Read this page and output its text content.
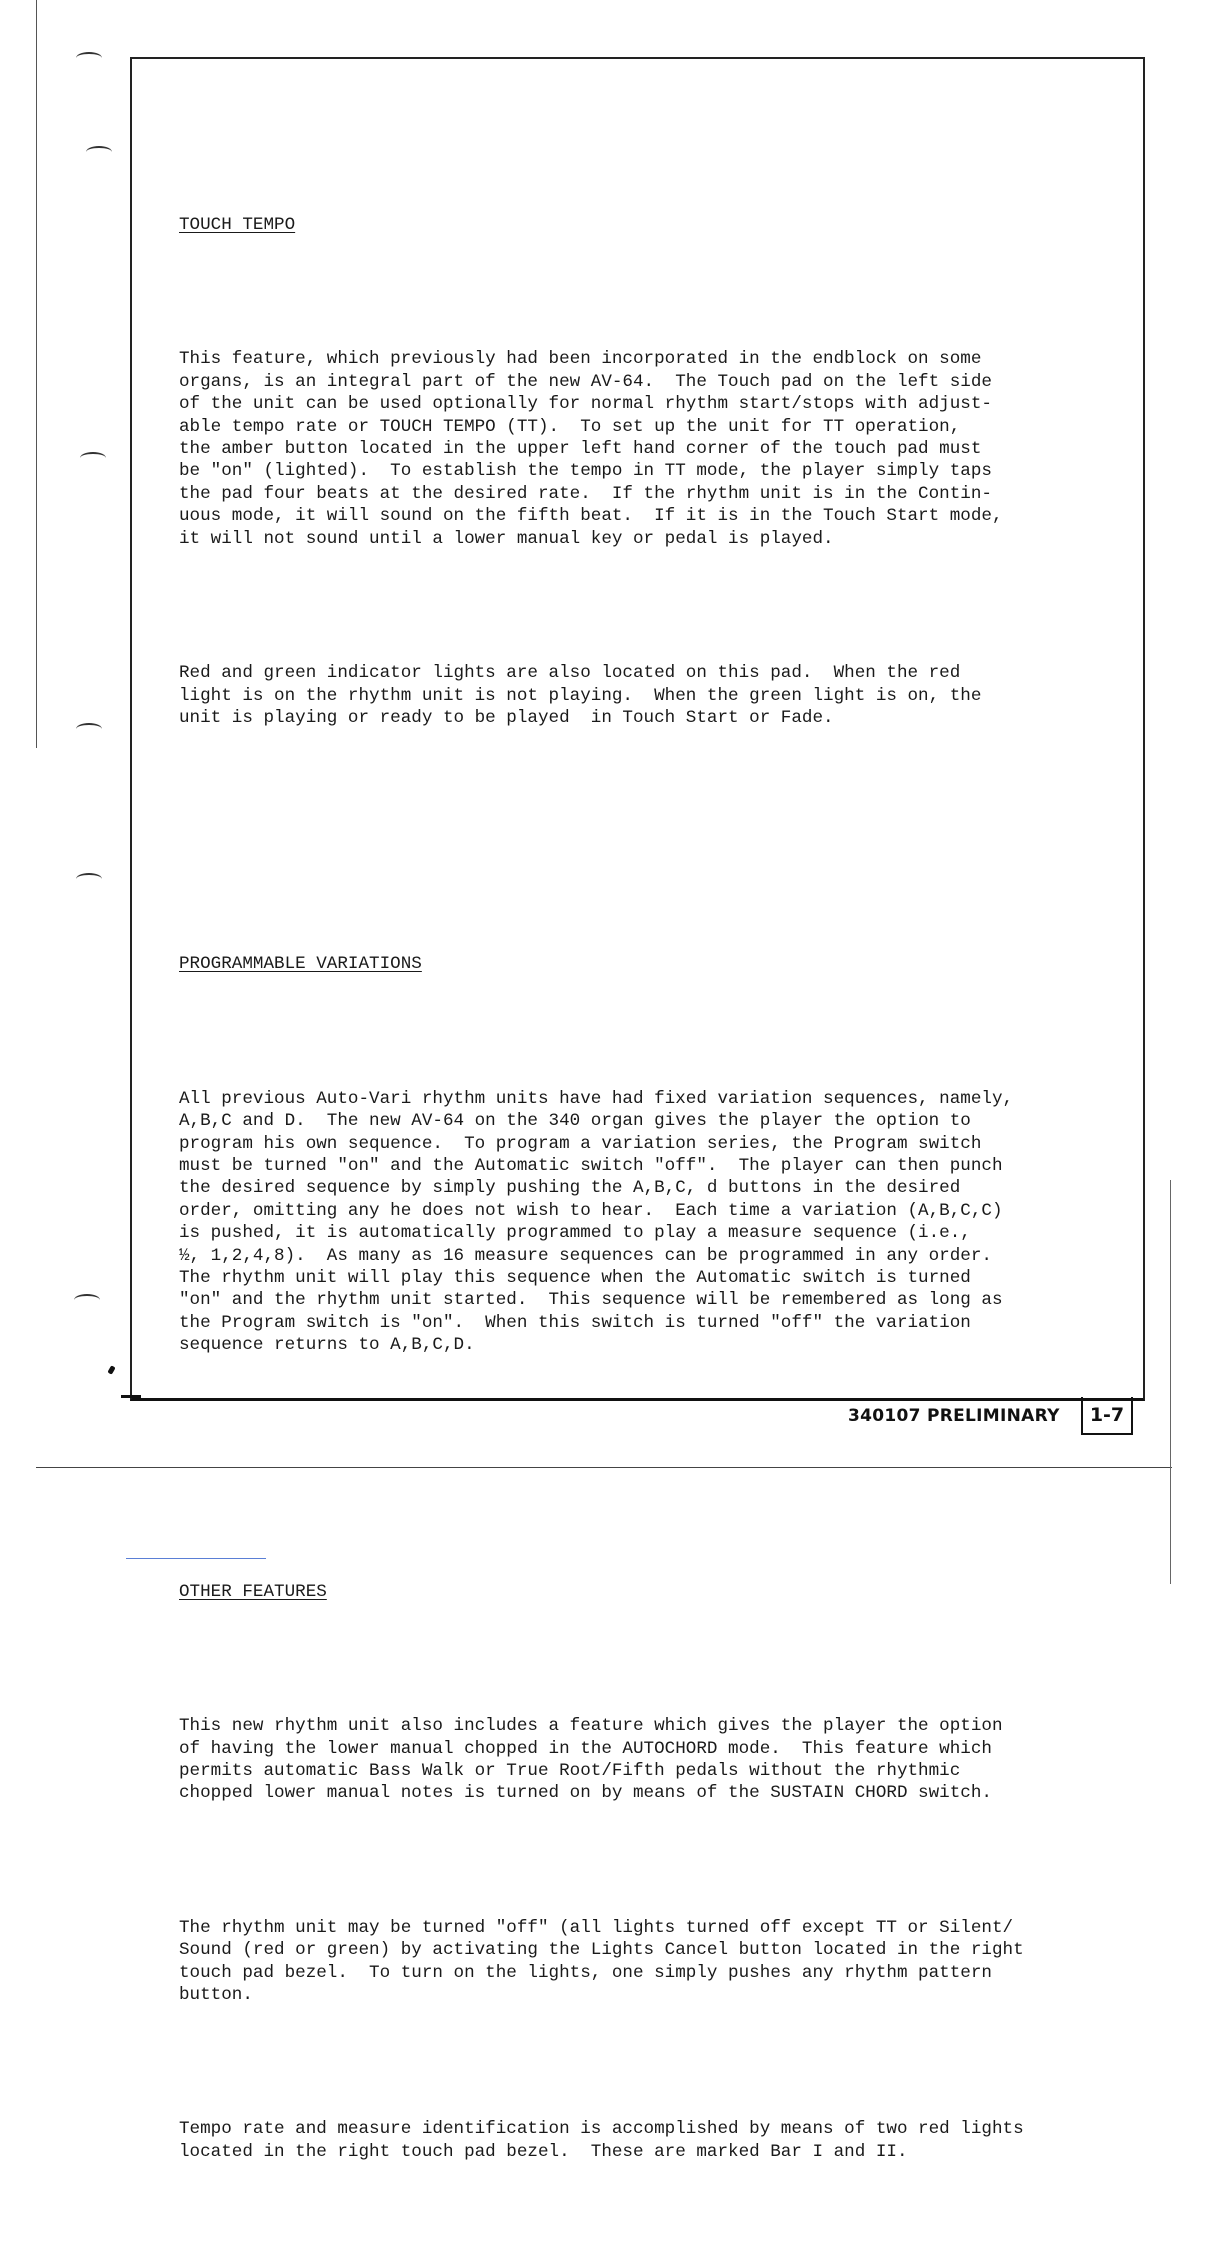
TOUCH TEMPO

This feature, which previously had been incorporated in the endblock on some
organs, is an integral part of the new AV-64.  The Touch pad on the left side
of the unit can be used optionally for normal rhythm start/stops with adjust-
able tempo rate or TOUCH TEMPO (TT).  To set up the unit for TT operation,
the amber button located in the upper left hand corner of the touch pad must
be "on" (lighted).  To establish the tempo in TT mode, the player simply taps
the pad four beats at the desired rate.  If the rhythm unit is in the Contin-
uous mode, it will sound on the fifth beat.  If it is in the Touch Start mode,
it will not sound until a lower manual key or pedal is played.

Red and green indicator lights are also located on this pad.  When the red
light is on the rhythm unit is not playing.  When the green light is on, the
unit is playing or ready to be played  in Touch Start or Fade.

PROGRAMMABLE VARIATIONS

All previous Auto-Vari rhythm units have had fixed variation sequences, namely,
A,B,C and D.  The new AV-64 on the 340 organ gives the player the option to
program his own sequence.  To program a variation series, the Program switch
must be turned "on" and the Automatic switch "off".  The player can then punch
the desired sequence by simply pushing the A,B,C, d buttons in the desired
order, omitting any he does not wish to hear.  Each time a variation (A,B,C,C)
is pushed, it is automatically programmed to play a measure sequence (i.e.,
½, 1,2,4,8).  As many as 16 measure sequences can be programmed in any order.
The rhythm unit will play this sequence when the Automatic switch is turned
"on" and the rhythm unit started.  This sequence will be remembered as long as
the Program switch is "on".  When this switch is turned "off" the variation
sequence returns to A,B,C,D.

OTHER FEATURES

This new rhythm unit also includes a feature which gives the player the option
of having the lower manual chopped in the AUTOCHORD mode.  This feature which
permits automatic Bass Walk or True Root/Fifth pedals without the rhythmic
chopped lower manual notes is turned on by means of the SUSTAIN CHORD switch.

The rhythm unit may be turned "off" (all lights turned off except TT or Silent/
Sound (red or green) by activating the Lights Cancel button located in the right
touch pad bezel.  To turn on the lights, one simply pushes any rhythm pattern
button.

Tempo rate and measure identification is accomplished by means of two red lights
located in the right touch pad bezel.  These are marked Bar I and II.

340107 PRELIMINARY	1-7
